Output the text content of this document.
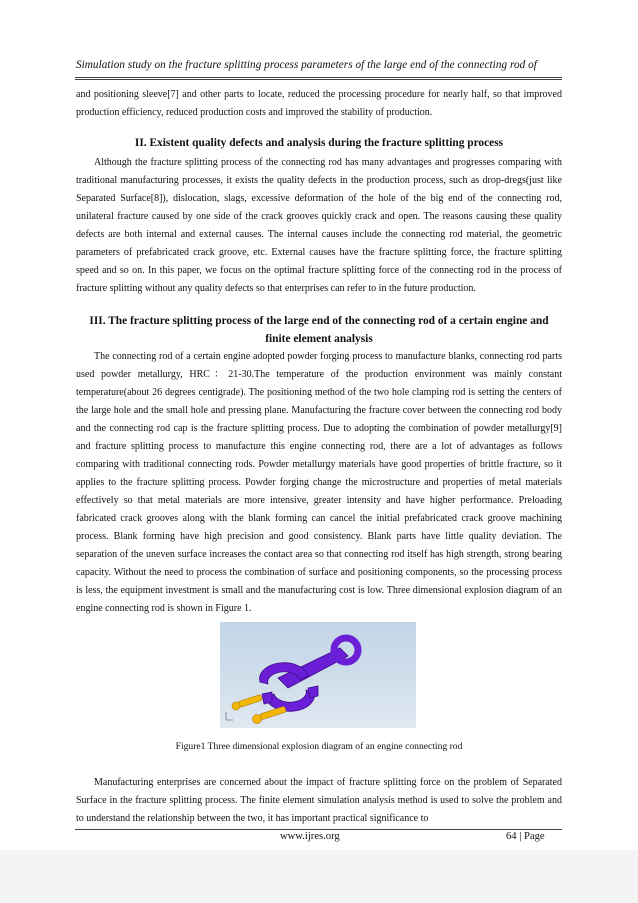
Simulation study on the fracture splitting process parameters of the large end of the connecting rod of

and positioning sleeve[7] and other parts to locate, reduced the processing procedure for nearly half, so that improved production efficiency, reduced production costs and improved the stability of production.

II. Existent quality defects and analysis during the fracture splitting process

Although the fracture splitting process of the connecting rod has many advantages and progresses comparing with traditional manufacturing processes, it exists the quality defects in the production process, such as drop-dregs(just like Separated Surface[8]), dislocation, slags, excessive deformation of the hole of the big end of the connecting rod, unilateral fracture caused by one side of the crack grooves quickly crack and open. The reasons causing these quality defects are both internal and external causes. The internal causes include the connecting rod material, the geometric parameters of prefabricated crack groove, etc. External causes have the fracture splitting force, the fracture splitting speed and so on. In this paper, we focus on the optimal fracture splitting force of the connecting rod in the process of fracture splitting without any quality defects so that enterprises can refer to in the future production.

III. The fracture splitting process of the large end of the connecting rod of a certain engine and finite element analysis

The connecting rod of a certain engine adopted powder forging process to manufacture blanks, connecting rod parts used powder metallurgy, HRC：21-30.The temperature of the production environment was mainly constant temperature(about 26 degrees centigrade). The positioning method of the two hole clamping rod is setting the centers of the large hole and the small hole and pressing plane. Manufacturing the fracture cover between the connecting rod body and the connecting rod cap is the fracture splitting process. Due to adopting the combination of powder metallurgy[9] and fracture splitting process to manufacture this engine connecting rod, there are a lot of advantages as follows comparing with traditional connecting rods. Powder metallurgy materials have good properties of brittle fracture, so it applies to the fracture splitting process. Powder forging change the microstructure and properties of metal materials effectively so that metal materials are more intensive, greater intensity and have higher performance. Preloading fabricated crack grooves along with the blank forming can cancel the initial prefabricated crack groove machining process. Blank forming have high precision and good consistency. Blank parts have little quality deviation. The separation of the uneven surface increases the contact area so that connecting rod itself has high strength, strong bearing capacity. Without the need to process the combination of surface and positioning components, so the processing process is less, the equipment investment is small and the manufacturing cost is low. Three dimensional explosion diagram of an engine connecting rod is shown in Figure 1.

Figure1 Three dimensional explosion diagram of an engine connecting rod

Manufacturing enterprises are concerned about the impact of fracture splitting force on the problem of Separated Surface in the fracture splitting process. The finite element simulation analysis method is used to solve the problem and to understand the relationship between the two, it has important practical significance to

www.ijres.org	64 | Page
